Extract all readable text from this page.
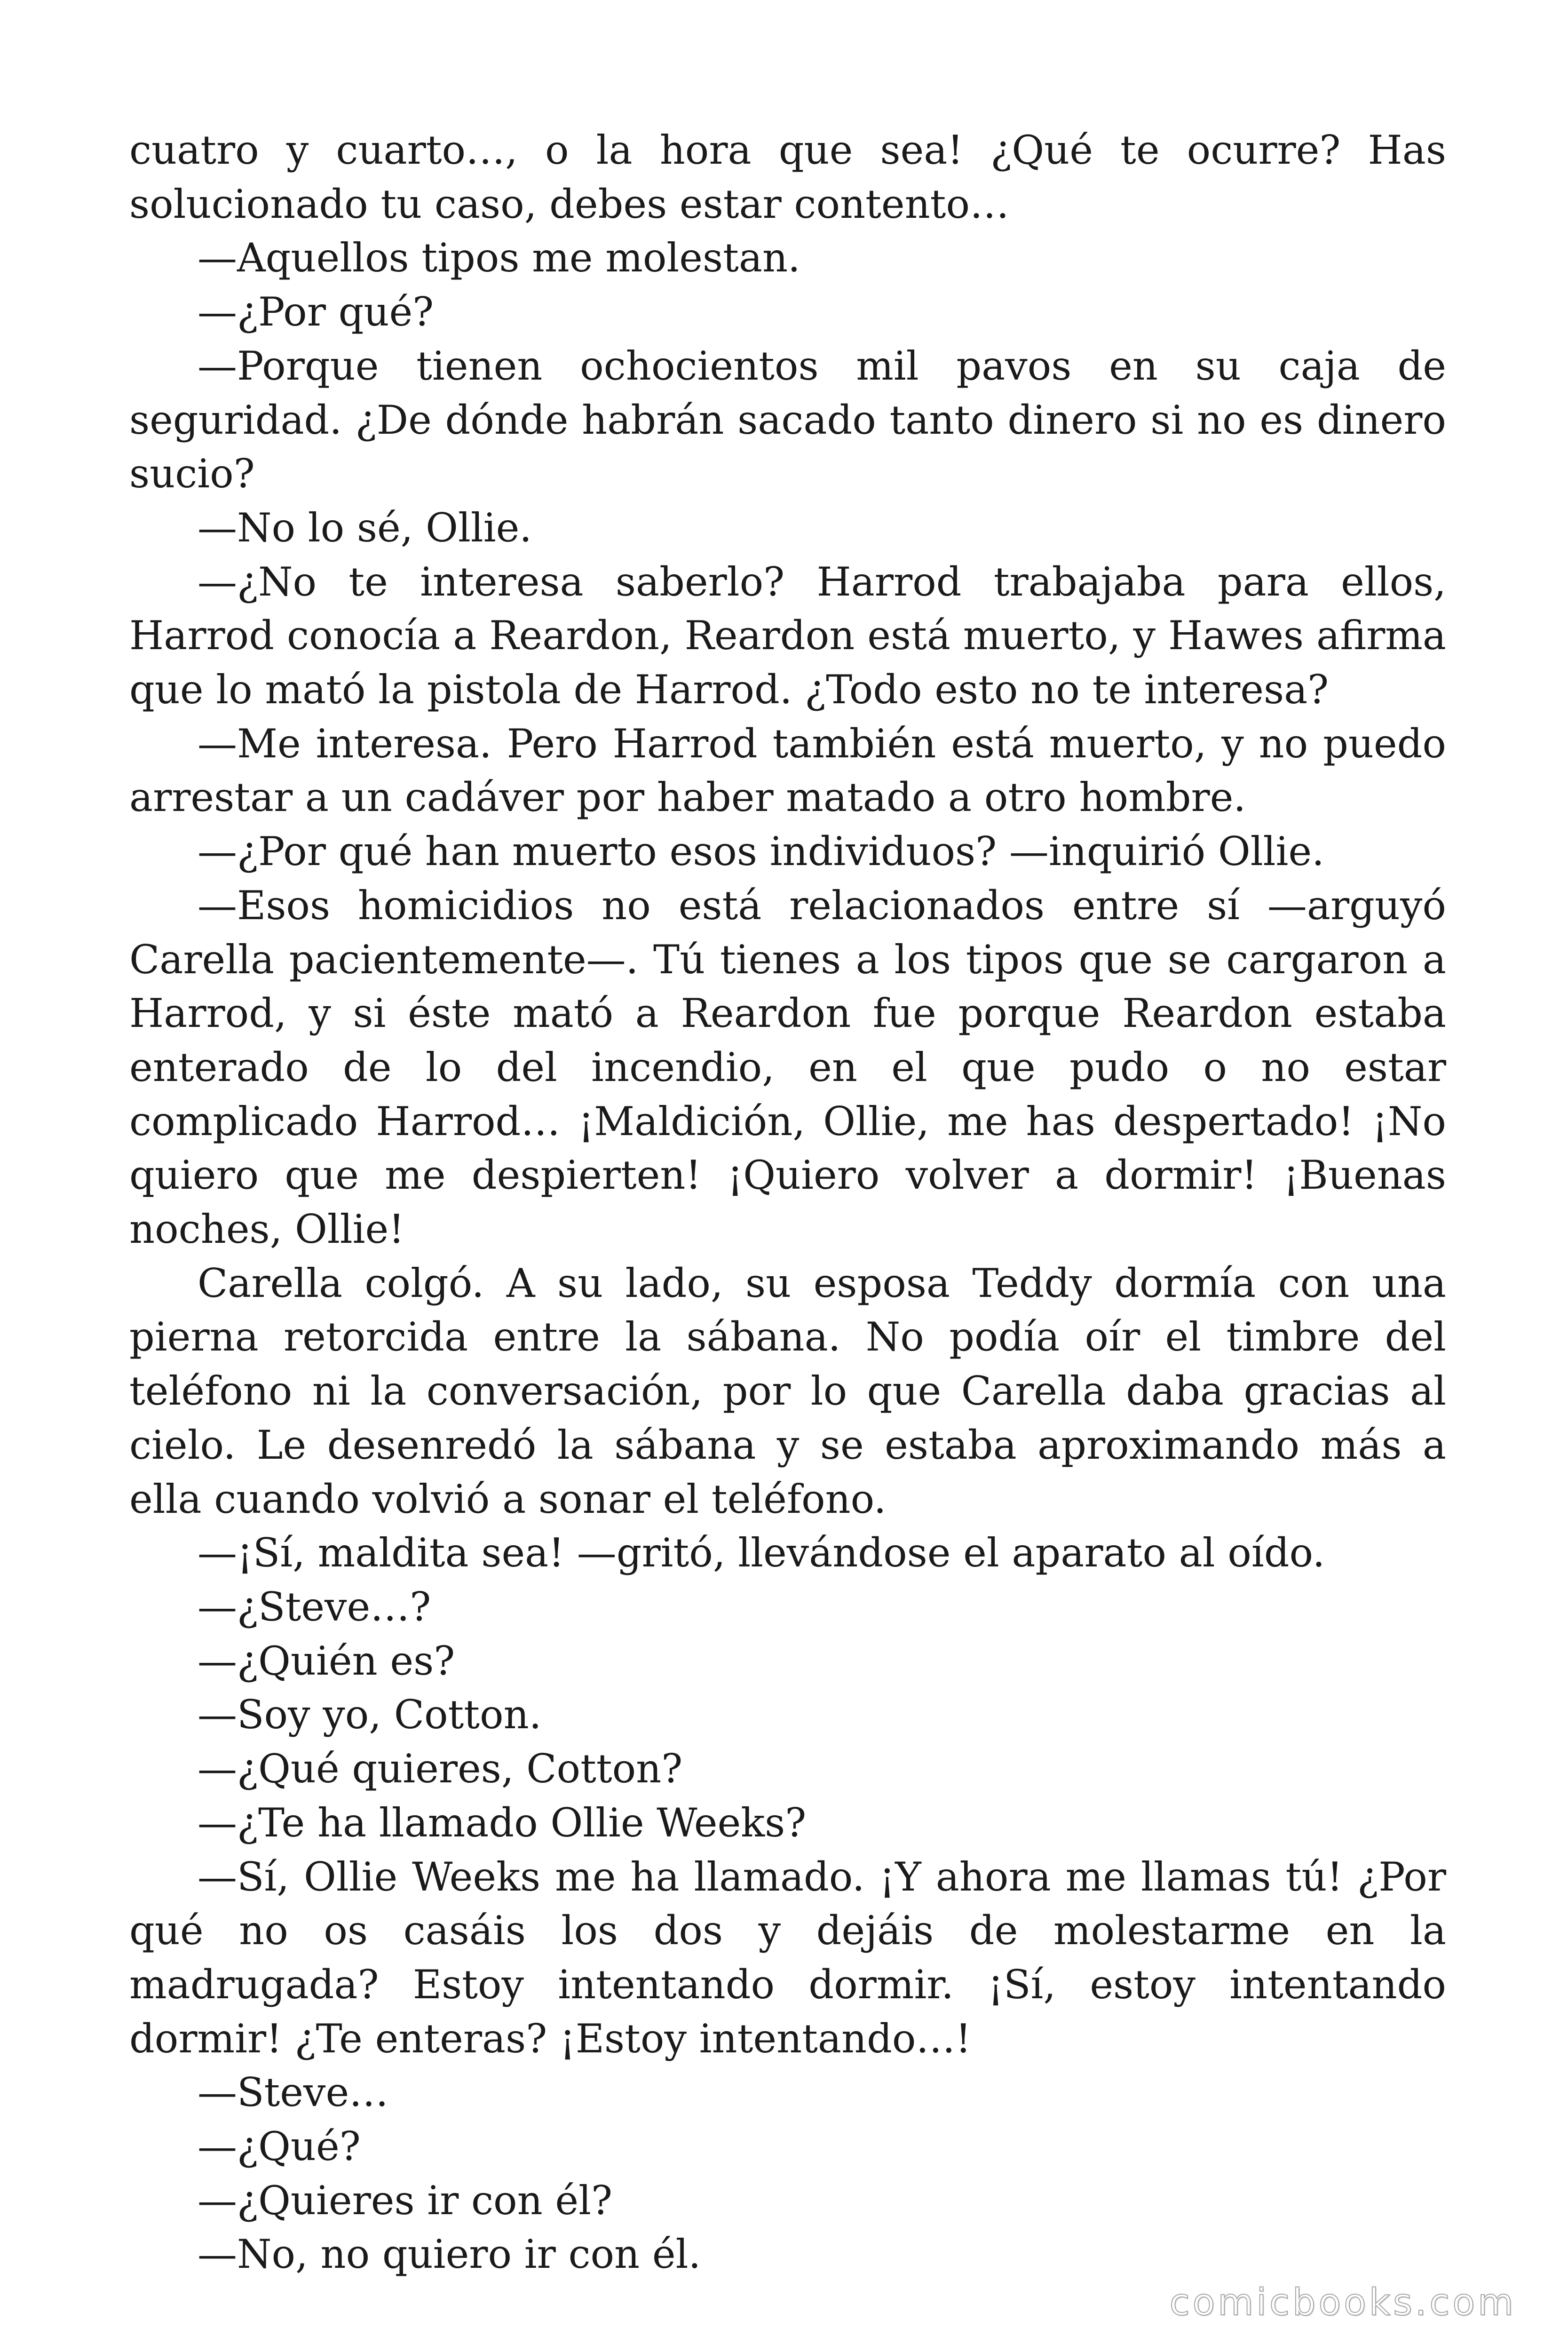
cuatro y cuarto…, o la hora que sea! ¿Qué te ocurre? Has solucionado tu caso, debes estar contento…

—Aquellos tipos me molestan.

—¿Por qué?

—Porque tienen ochocientos mil pavos en su caja de seguridad. ¿De dónde habrán sacado tanto dinero si no es dinero sucio?

—No lo sé, Ollie.

—¿No te interesa saberlo? Harrod trabajaba para ellos, Harrod conocía a Reardon, Reardon está muerto, y Hawes afirma que lo mató la pistola de Harrod. ¿Todo esto no te interesa?

—Me interesa. Pero Harrod también está muerto, y no puedo arrestar a un cadáver por haber matado a otro hombre.

—¿Por qué han muerto esos individuos? —inquirió Ollie.

—Esos homicidios no está relacionados entre sí —arguyó Carella pacientemente—. Tú tienes a los tipos que se cargaron a Harrod, y si éste mató a Reardon fue porque Reardon estaba enterado de lo del incendio, en el que pudo o no estar complicado Harrod… ¡Maldición, Ollie, me has despertado! ¡No quiero que me despierten! ¡Quiero volver a dormir! ¡Buenas noches, Ollie!

Carella colgó. A su lado, su esposa Teddy dormía con una pierna retorcida entre la sábana. No podía oír el timbre del teléfono ni la conversación, por lo que Carella daba gracias al cielo. Le desenredó la sábana y se estaba aproximando más a ella cuando volvió a sonar el teléfono.

—¡Sí, maldita sea! —gritó, llevándose el aparato al oído.

—¿Steve…?

—¿Quién es?

—Soy yo, Cotton.

—¿Qué quieres, Cotton?

—¿Te ha llamado Ollie Weeks?

—Sí, Ollie Weeks me ha llamado. ¡Y ahora me llamas tú! ¿Por qué no os casáis los dos y dejáis de molestarme en la madrugada? Estoy intentando dormir. ¡Sí, estoy intentando dormir! ¿Te enteras? ¡Estoy intentando…!

—Steve…

—¿Qué?

—¿Quieres ir con él?

—No, no quiero ir con él.

comicbooks.com
